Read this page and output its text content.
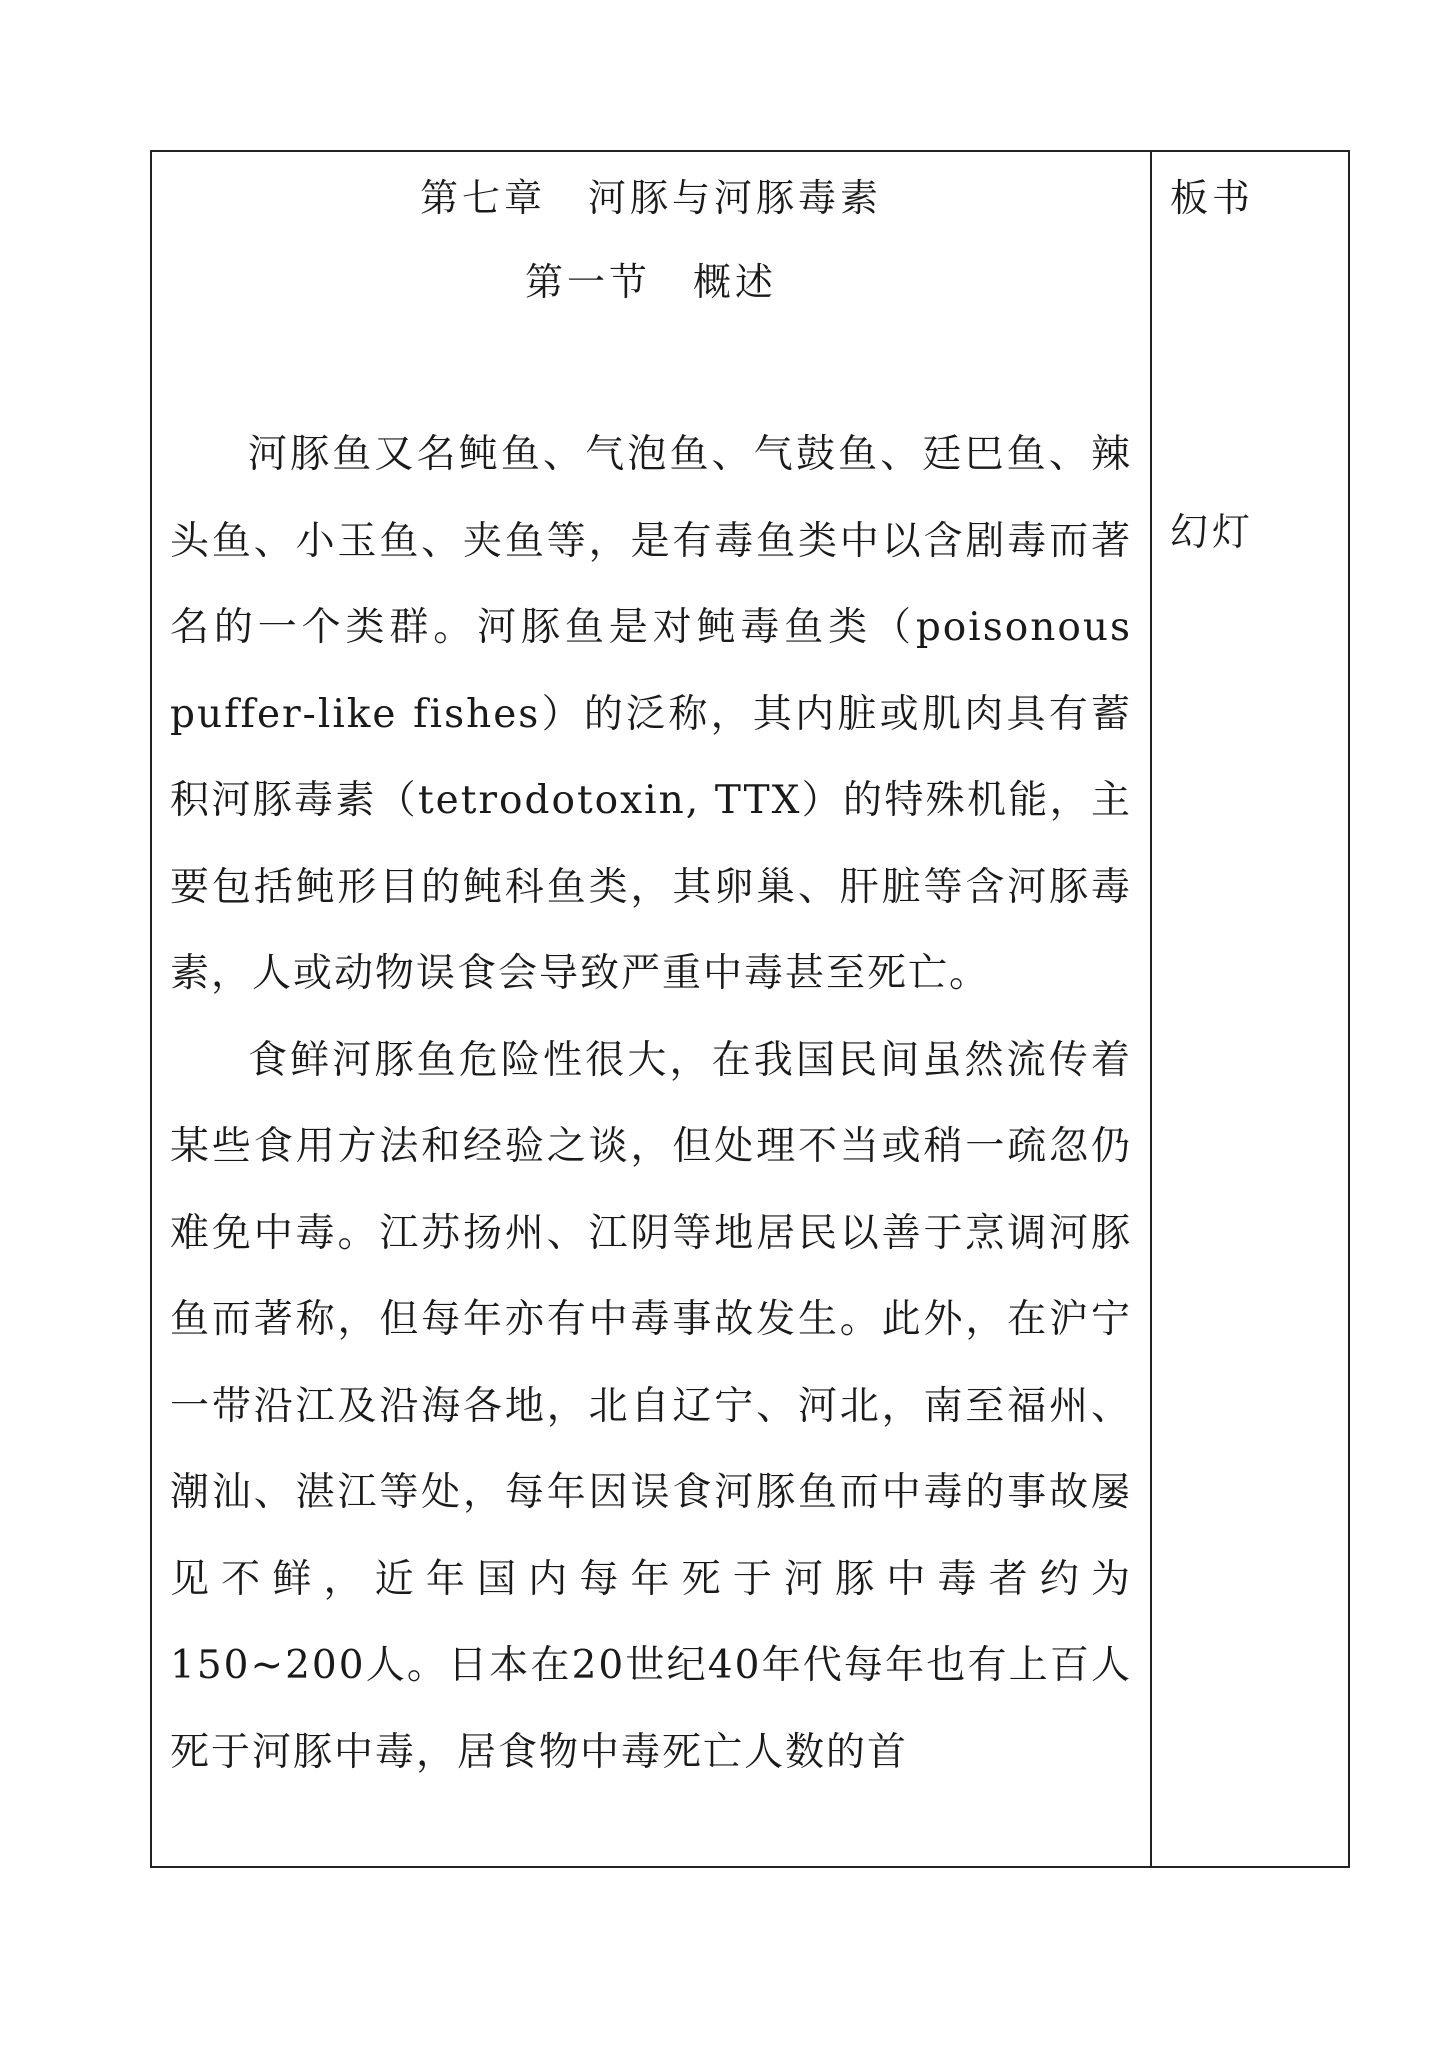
第七章　河豚与河豚毒素
第一节　概述

河豚鱼又名鲀鱼、气泡鱼、气鼓鱼、廷巴鱼、辣头鱼、小玉鱼、夹鱼等，是有毒鱼类中以含剧毒而著名的一个类群。河豚鱼是对鲀毒鱼类（poisonous puffer-like fishes）的泛称，其内脏或肌肉具有蓄积河豚毒素（tetrodotoxin, TTX）的特殊机能，主要包括鲀形目的鲀科鱼类，其卵巢、肝脏等含河豚毒素，人或动物误食会导致严重中毒甚至死亡。

食鲜河豚鱼危险性很大，在我国民间虽然流传着某些食用方法和经验之谈，但处理不当或稍一疏忽仍难免中毒。江苏扬州、江阴等地居民以善于烹调河豚鱼而著称，但每年亦有中毒事故发生。此外，在沪宁一带沿江及沿海各地，北自辽宁、河北，南至福州、潮汕、湛江等处，每年因误食河豚鱼而中毒的事故屡见不鲜，近年国内每年死于河豚中毒者约为150~200人。日本在20世纪40年代每年也有上百人死于河豚中毒，居食物中毒死亡人数的首

板书
幻灯
